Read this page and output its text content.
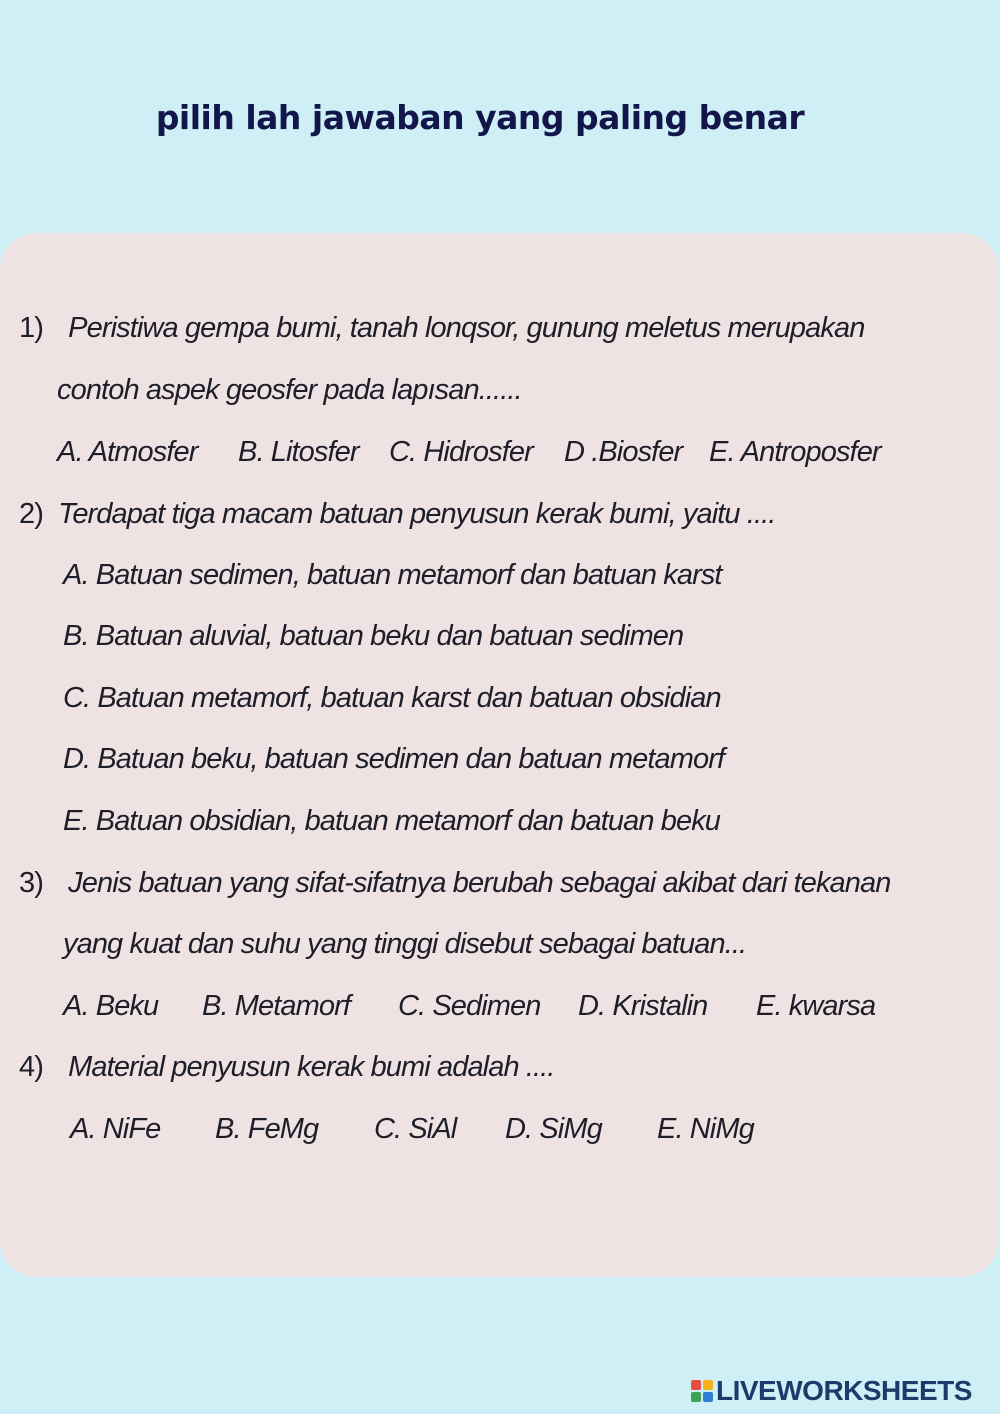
pilih lah jawaban yang paling benar
1) Peristiwa gempa bumi, tanah lonqsor, gunung meletus merupakan
contoh aspek geosfer pada lapısan......
A. Atmosfer B. Litosfer C. Hidrosfer D .Biosfer E. Antroposfer
2) Terdapat tiga macam batuan penyusun kerak bumi, yaitu ....
A. Batuan sedimen, batuan metamorf dan batuan karst
B. Batuan aluvial, batuan beku dan batuan sedimen
C. Batuan metamorf, batuan karst dan batuan obsidian
D. Batuan beku, batuan sedimen dan batuan metamorf
E. Batuan obsidian, batuan metamorf dan batuan beku
3) Jenis batuan yang sifat-sifatnya berubah sebagai akibat dari tekanan
yang kuat dan suhu yang tinggi disebut sebagai batuan...
A. Beku B. Metamorf C. Sedimen D. Kristalin E. kwarsa
4) Material penyusun kerak bumi adalah ....
A. NiFe B. FeMg C. SiAl D. SiMg E. NiMg
LIVEWORKSHEETS
